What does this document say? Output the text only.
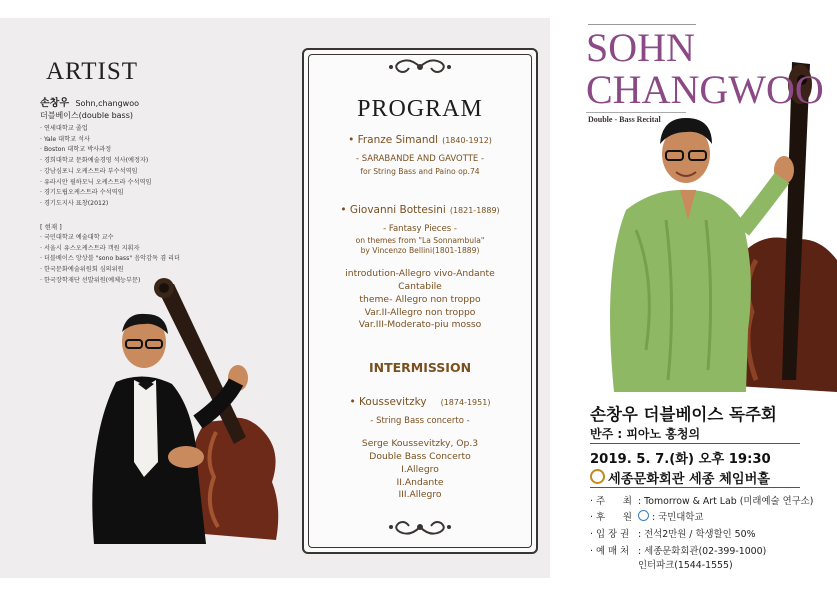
ARTIST
손창우 Sohn,changwoo
더블베이스(double bass)
· 연세대학교 졸업
· Yale 대학교 석사
· Boston 대학교 박사과정
· 경희대학교 문화예술경영 석사(예정자)
· 강남심포니 오케스트라 부수석역임
· 유라시안 필하모닉 오케스트라 수석역임
· 경기도립오케스트라 수석역임
· 경기도지사 표창(2012)
[ 현재 ]
· 국민대학교 예술대학 교수
· 서울시 유스오케스트라 객원 지휘자
· 더블베이스 앙상블 "sono bass" 음악감독 겸 리더
· 한국문화예술위원회 심의위원
· 한국장학재단 선발위원(예체능부문)
PROGRAM
• Franze Simandl (1840-1912)
- SARABANDE AND GAVOTTE -
for String Bass and Paino op.74
• Giovanni Bottesini (1821-1889)
- Fantasy Pieces -
on themes from "La Sonnambula"
by Vincenzo Bellini(1801-1889)
introdution-Allegro vivo-Andante
Cantabile
theme- Allegro non troppo
Var.II-Allegro non troppo
Var.III-Moderato-piu mosso
INTERMISSION
• Koussevitzky (1874-1951)
- String Bass concerto -
Serge Koussevitzky, Op.3
Double Bass Concerto
I.Allegro
II.Andante
III.Allegro
SOHN
CHANGWOO
Double - Bass Recital
손창우 더블베이스 독주회
반주 : 피아노 홍청의
2019. 5. 7.(화) 오후 19:30
세종문화회관 세종 체임버홀
· 주      최 : Tomorrow & Art Lab (미래예술 연구소)
· 후      원 : 국민대학교
· 입 장 권 : 전석2만원 / 학생할인 50%
· 예 매 처 : 세종문화회관(02-399-1000)
인터파크(1544-1555)
